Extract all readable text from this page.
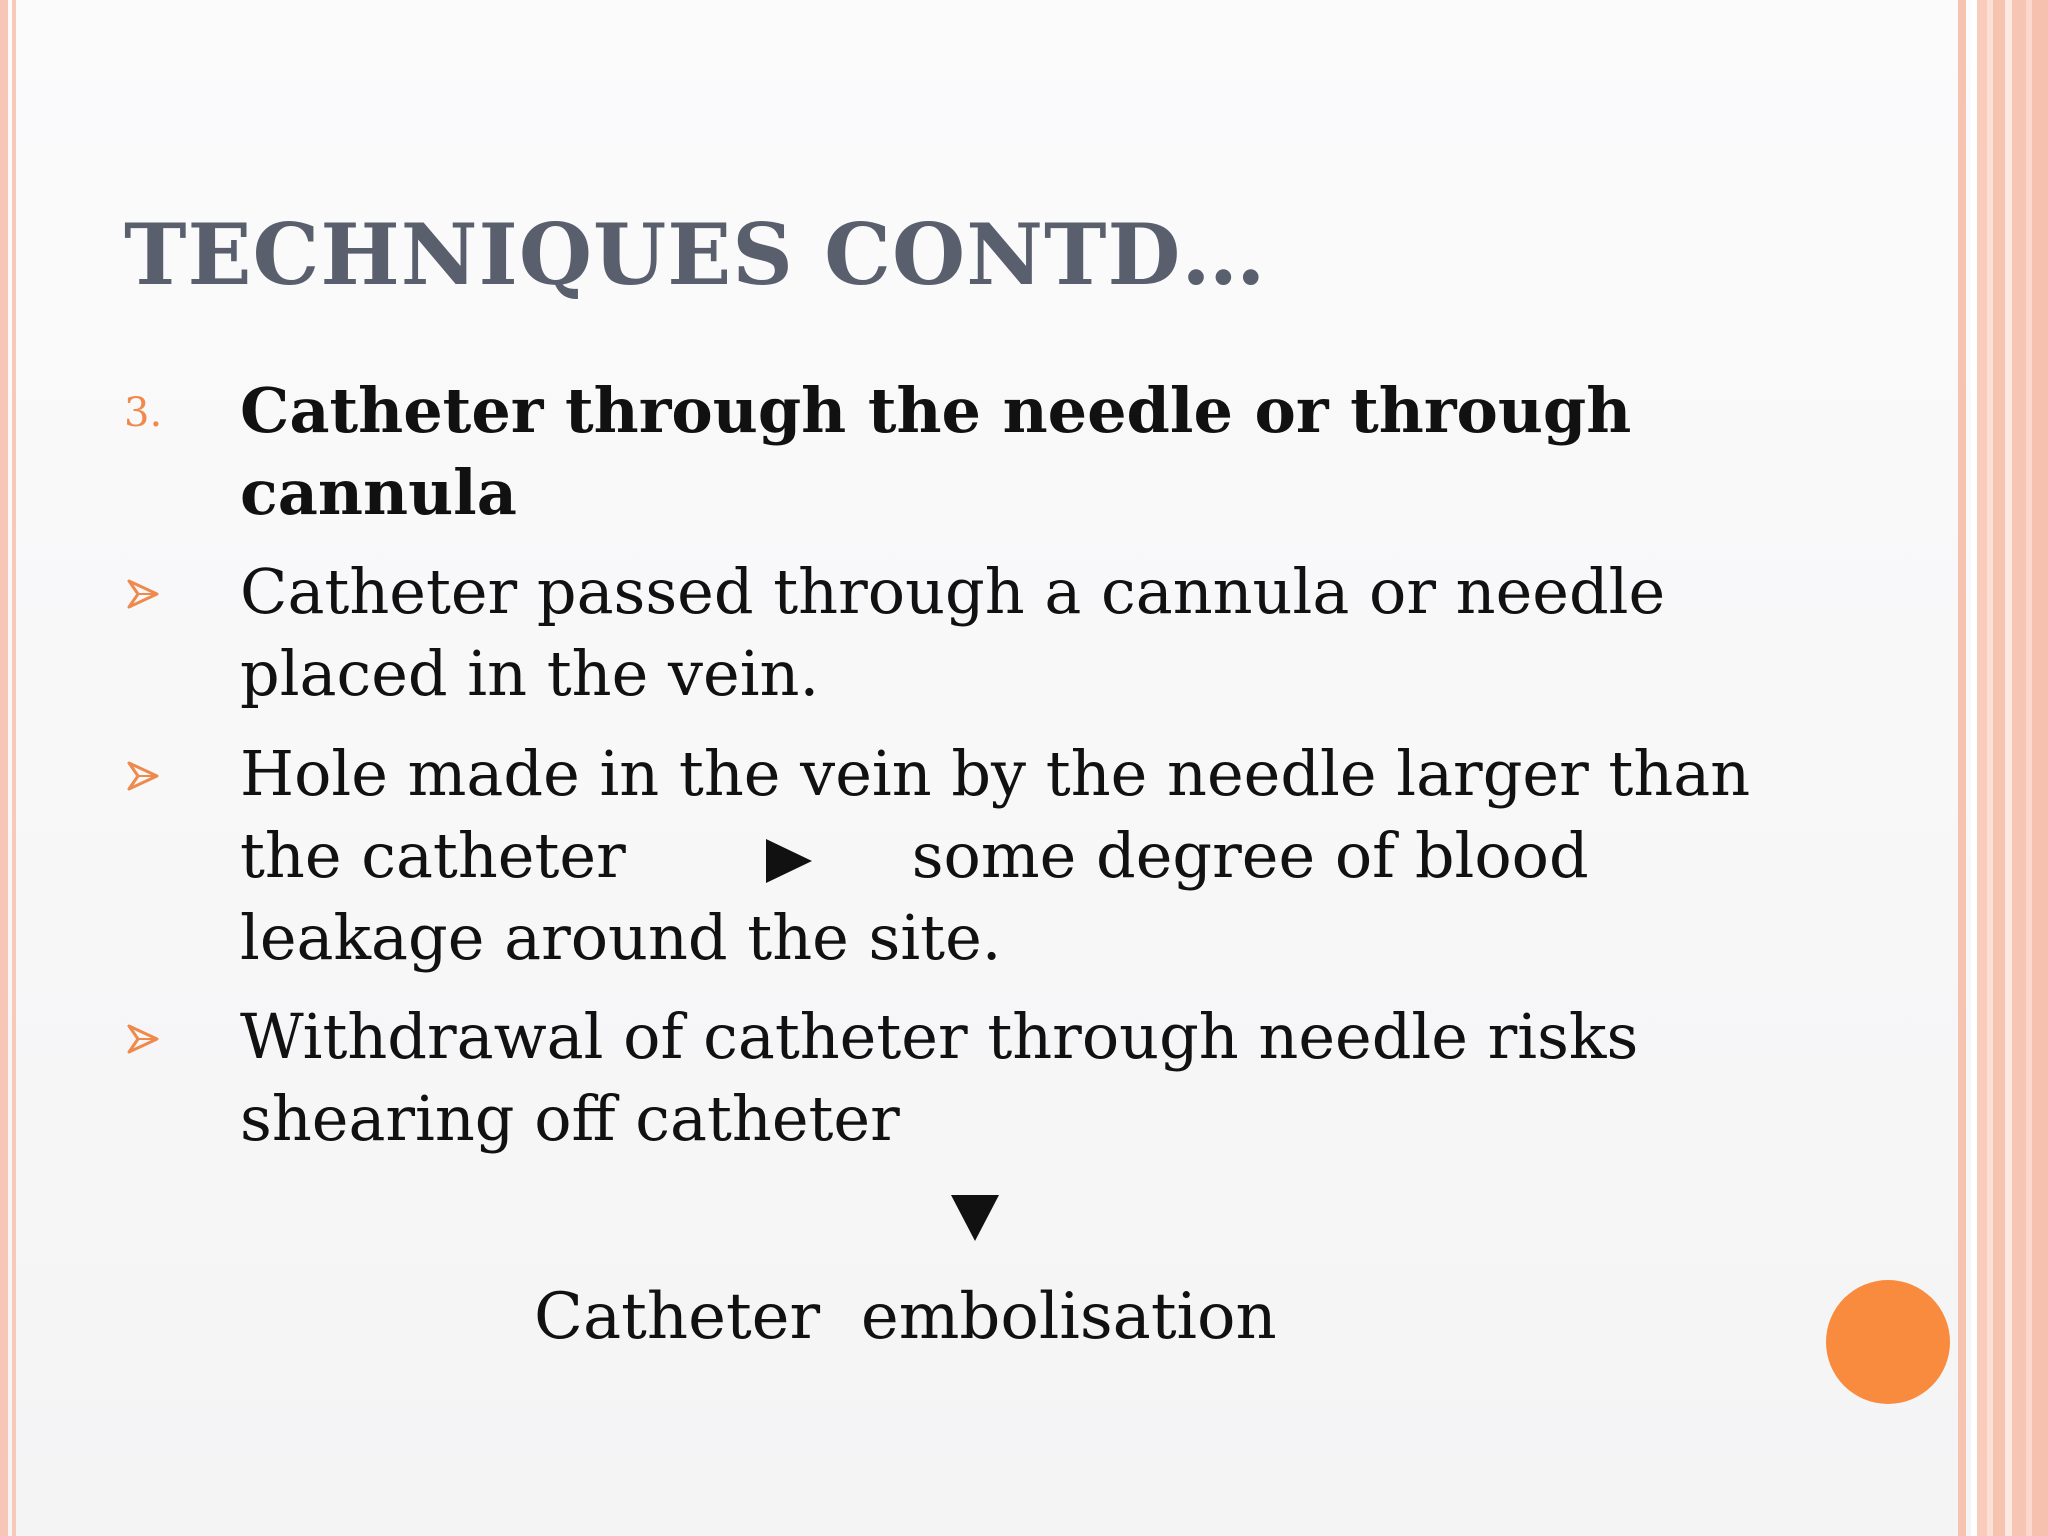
TECHNIQUES CONTD…
3. Catheter through the needle or through
cannula
Catheter passed through a cannula or needle
placed in the vein.
Hole made in the vein by the needle larger than
the catheter	some degree of blood
leakage around the site.
Withdrawal of catheter through needle risks
shearing off catheter
Catheter  embolisation
